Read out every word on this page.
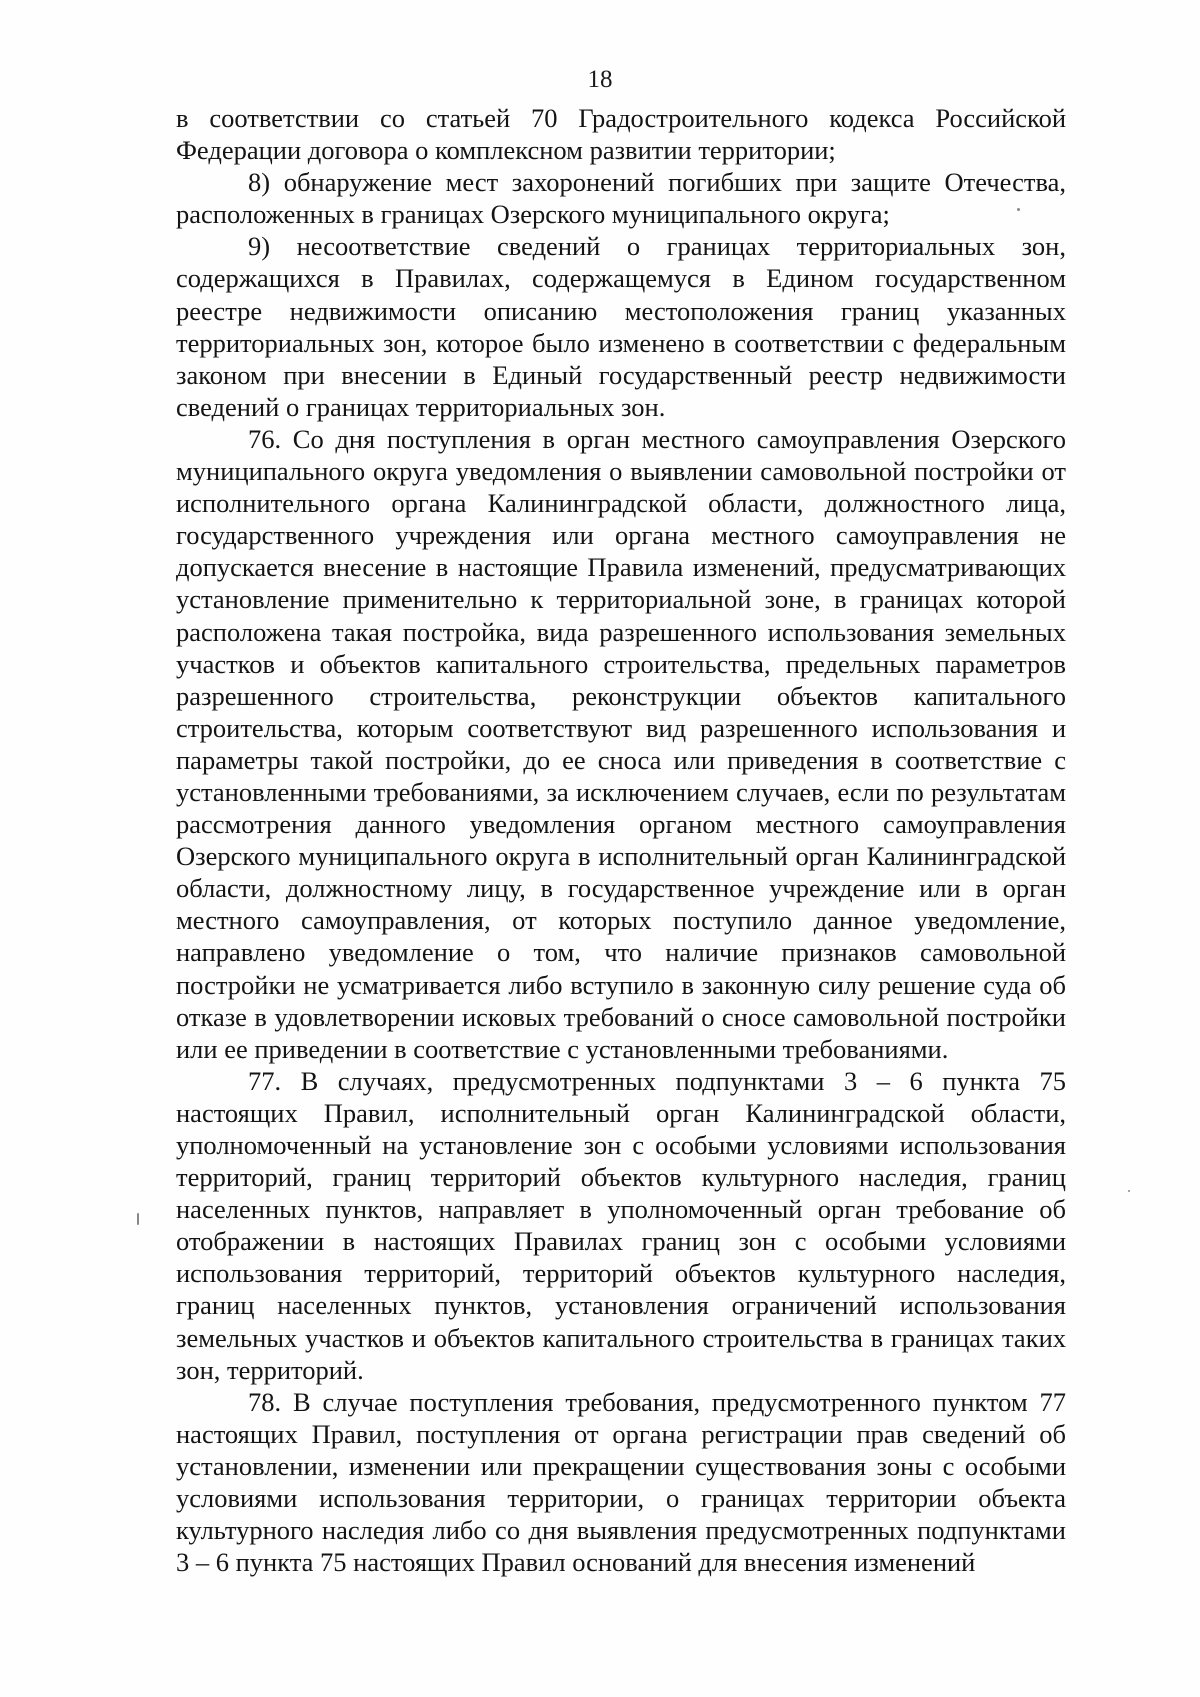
18

в соответствии со статьей 70 Градостроительного кодекса Российской Федерации договора о комплексном развитии территории;

8) обнаружение мест захоронений погибших при защите Отечества, расположенных в границах Озерского муниципального округа;

9) несоответствие сведений о границах территориальных зон, содержащихся в Правилах, содержащемуся в Едином государственном реестре недвижимости описанию местоположения границ указанных территориальных зон, которое было изменено в соответствии с федеральным законом при внесении в Единый государственный реестр недвижимости сведений о границах территориальных зон.

76. Со дня поступления в орган местного самоуправления Озерского муниципального округа уведомления о выявлении самовольной постройки от исполнительного органа Калининградской области, должностного лица, государственного учреждения или органа местного самоуправления не допускается внесение в настоящие Правила изменений, предусматривающих установление применительно к территориальной зоне, в границах которой расположена такая постройка, вида разрешенного использования земельных участков и объектов капитального строительства, предельных параметров разрешенного строительства, реконструкции объектов капитального строительства, которым соответствуют вид разрешенного использования и параметры такой постройки, до ее сноса или приведения в соответствие с установленными требованиями, за исключением случаев, если по результатам рассмотрения данного уведомления органом местного самоуправления Озерского муниципального округа в исполнительный орган Калининградской области, должностному лицу, в государственное учреждение или в орган местного самоуправления, от которых поступило данное уведомление, направлено уведомление о том, что наличие признаков самовольной постройки не усматривается либо вступило в законную силу решение суда об отказе в удовлетворении исковых требований о сносе самовольной постройки или ее приведении в соответствие с установленными требованиями.

77. В случаях, предусмотренных подпунктами 3 – 6 пункта 75 настоящих Правил, исполнительный орган Калининградской области, уполномоченный на установление зон с особыми условиями использования территорий, границ территорий объектов культурного наследия, границ населенных пунктов, направляет в уполномоченный орган требование об отображении в настоящих Правилах границ зон с особыми условиями использования территорий, территорий объектов культурного наследия, границ населенных пунктов, установления ограничений использования земельных участков и объектов капитального строительства в границах таких зон, территорий.

78. В случае поступления требования, предусмотренного пунктом 77 настоящих Правил, поступления от органа регистрации прав сведений об установлении, изменении или прекращении существования зоны с особыми условиями использования территории, о границах территории объекта культурного наследия либо со дня выявления предусмотренных подпунктами 3 – 6 пункта 75 настоящих Правил оснований для внесения изменений
